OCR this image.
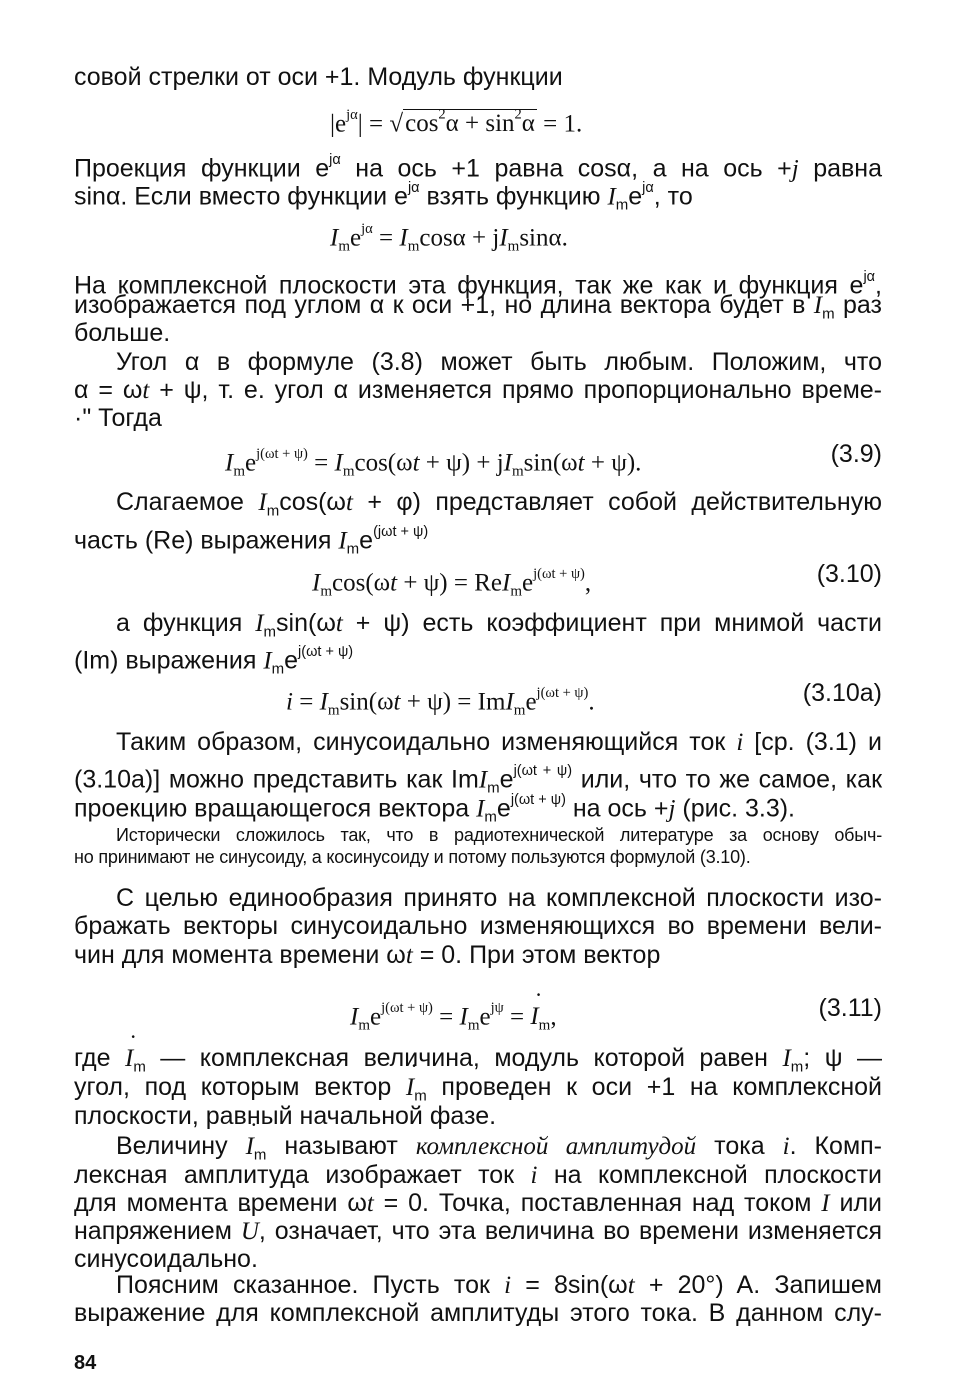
совой стрелки от оси +1. Модуль функции
$|e^{j\alpha}| = √\cos^2\alpha + \sin^2\alpha = 1$.
Проекция функции $e^{j\alpha}$ на ось +1 равна cosα, а на ось +j равна
sinα. Если вместо функции $e^{j\alpha}$ взять функцию $I_me^{j\alpha}$, то
$I_me^{j\alpha} = I_m\cos\alpha + jI_m\sin\alpha$.
На комплексной плоскости эта функция, так же как и функция $e^{j\alpha}$,
изображается под углом α к оси +1, но длина вектора будет в $I_m$ раз
больше.
Угол α в формуле (3.8) может быть любым. Положим, что
α = ωt + ψ, т. е. угол α изменяется прямо пропорционально време-
·" Тогда
$I_me^{j(\omega t + \psi)} = I_m\cos(\omega t + \psi) + jI_m\sin(\omega t + \psi)$.	(3.9)
Слагаемое $I_m\cos(\omega t + \varphi)$ представляет собой действительную
часть (Re) выражения $I_me^{(j\omega t + \psi)}$
$I_m\cos(\omega t + \psi) = ReI_me^{j(\omega t + \psi)}$,	(3.10)
а функция $I_m\sin(\omega t + \psi)$ есть коэффициент при мнимой части
(Im) выражения $I_me^{j(\omega t + \psi)}$
$i = I_m\sin(\omega t + \psi) = ImI_me^{j(\omega t + \psi)}$.	(3.10a)
Таким образом, синусоидально изменяющийся ток i [ср. (3.1) и
(3.10a)] можно представить как $ImI_me^{j(\omega t + \psi)}$ или, что то же самое, как
проекцию вращающегося вектора $I_me^{j(\omega t + \psi)}$ на ось +j (рис. 3.3).
Исторически сложилось так, что в радиотехнической литературе за основу обыч-
но принимают не синусоиду, а косинусоиду и потому пользуются формулой (3.10).
С целью единообразия принято на комплексной плоскости изо-
бражать векторы синусоидально изменяющихся во времени вели-
чин для момента времени ωt = 0. При этом вектор
$I_me^{j(\omega t + \psi)} = I_me^{j\psi}$ = ˙ $I_m$,	(3.11)
где ˙ $I_m$ — комплексная величина, модуль которой равен $I_m$; ψ —
угол, под которым вектор ˙ $I_m$ проведен к оси +1 на комплексной
плоскости, равный начальной фазе.
Величину ˙ $I_m$ называют комплексной амплитудой тока i. Комп-
лексная амплитуда изображает ток i на комплексной плоскости
для момента времени ωt = 0. Точка, поставленная над током ˙ I или
напряжением ˙ U, означает, что эта величина во времени изменяется
синусоидально.
Поясним сказанное. Пусть ток i = 8sin(ωt + 20°) A. Запишем
выражение для комплексной амплитуды этого тока. В данном слу-
84
